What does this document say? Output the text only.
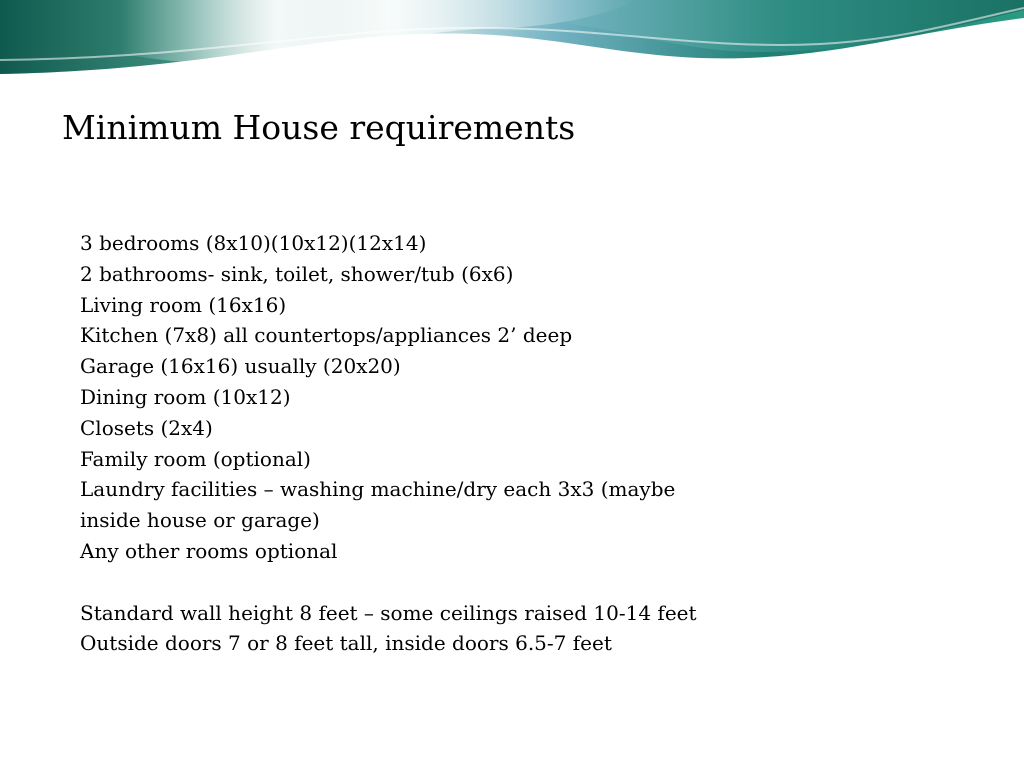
Minimum House requirements
3 bedrooms (8x10)(10x12)(12x14)
2 bathrooms- sink, toilet, shower/tub (6x6)
Living room (16x16)
Kitchen (7x8) all countertops/appliances 2’ deep
Garage (16x16) usually (20x20)
Dining room (10x12)
Closets (2x4)
Family room (optional)
Laundry facilities – washing machine/dry each 3x3 (maybe
inside house or garage)
Any other rooms optional
Standard wall height 8 feet – some ceilings raised 10-14 feet
Outside doors 7 or 8 feet tall, inside doors 6.5-7 feet
